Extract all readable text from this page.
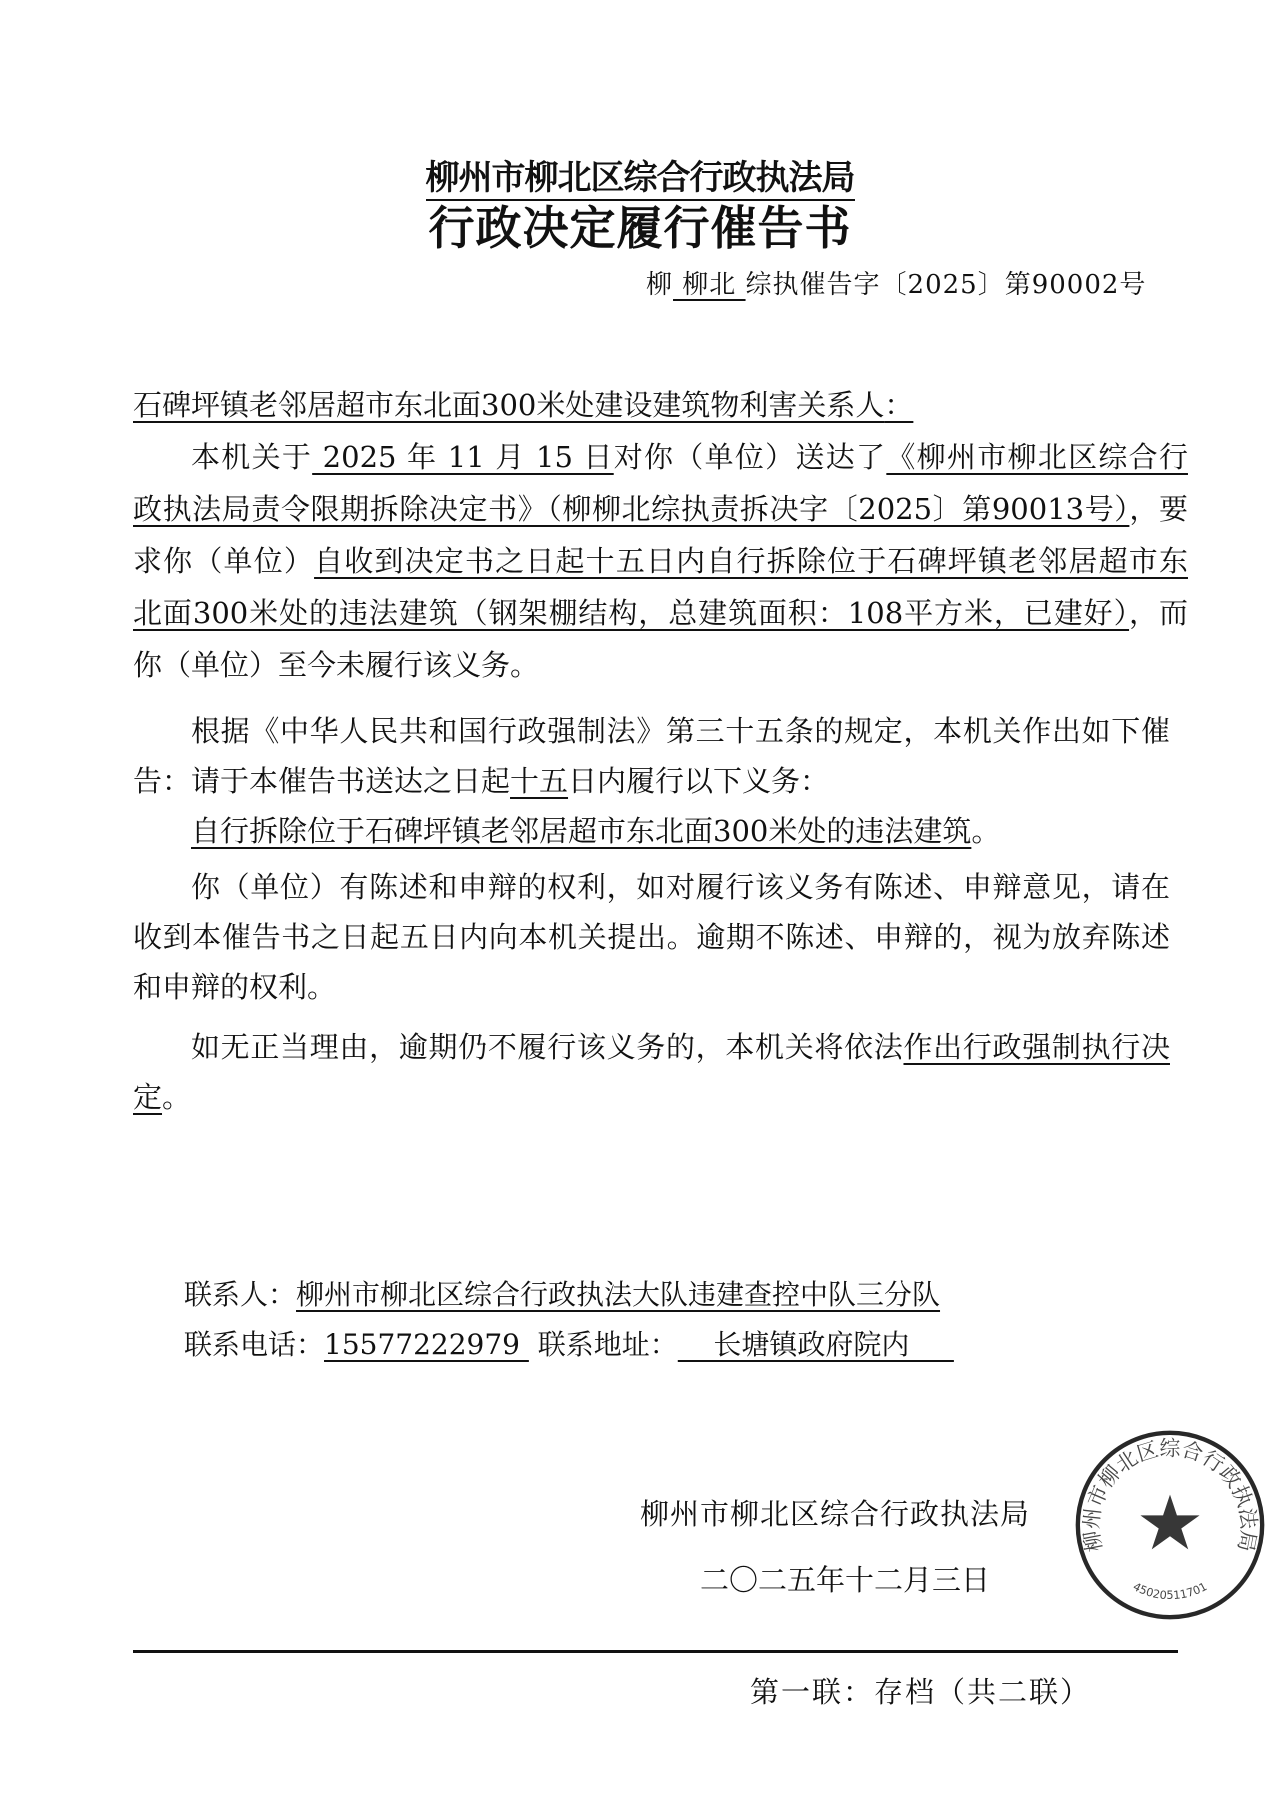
柳州市柳北区综合行政执法局
行政决定履行催告书
柳 柳北 综执催告字〔2025〕第90002号
石碑坪镇老邻居超市东北面300米处建设建筑物利害关系人：
本机关于 2025 年 11 月 15 日对你（单位）送达了《柳州市柳北区综合行
政执法局责令限期拆除决定书》（柳柳北综执责拆决字〔2025〕第90013号），要
求你（单位）自收到决定书之日起十五日内自行拆除位于石碑坪镇老邻居超市东
北面300米处的违法建筑（钢架棚结构，总建筑面积：108平方米，已建好），而
你（单位）至今未履行该义务。
根据《中华人民共和国行政强制法》第三十五条的规定，本机关作出如下催
告：请于本催告书送达之日起十五日内履行以下义务：
自行拆除位于石碑坪镇老邻居超市东北面300米处的违法建筑。
你（单位）有陈述和申辩的权利，如对履行该义务有陈述、申辩意见，请在
收到本催告书之日起五日内向本机关提出。逾期不陈述、申辩的，视为放弃陈述
和申辩的权利。
如无正当理由，逾期仍不履行该义务的，本机关将依法作出行政强制执行决
定。
联系人：柳州市柳北区综合行政执法大队违建查控中队三分队
联系电话：15577222979  联系地址：    长塘镇政府院内
柳州市柳北区综合行政执法局
二〇二五年十二月三日
柳州市柳北区综合行政执法局
45020511701
第一联：存档（共二联）
